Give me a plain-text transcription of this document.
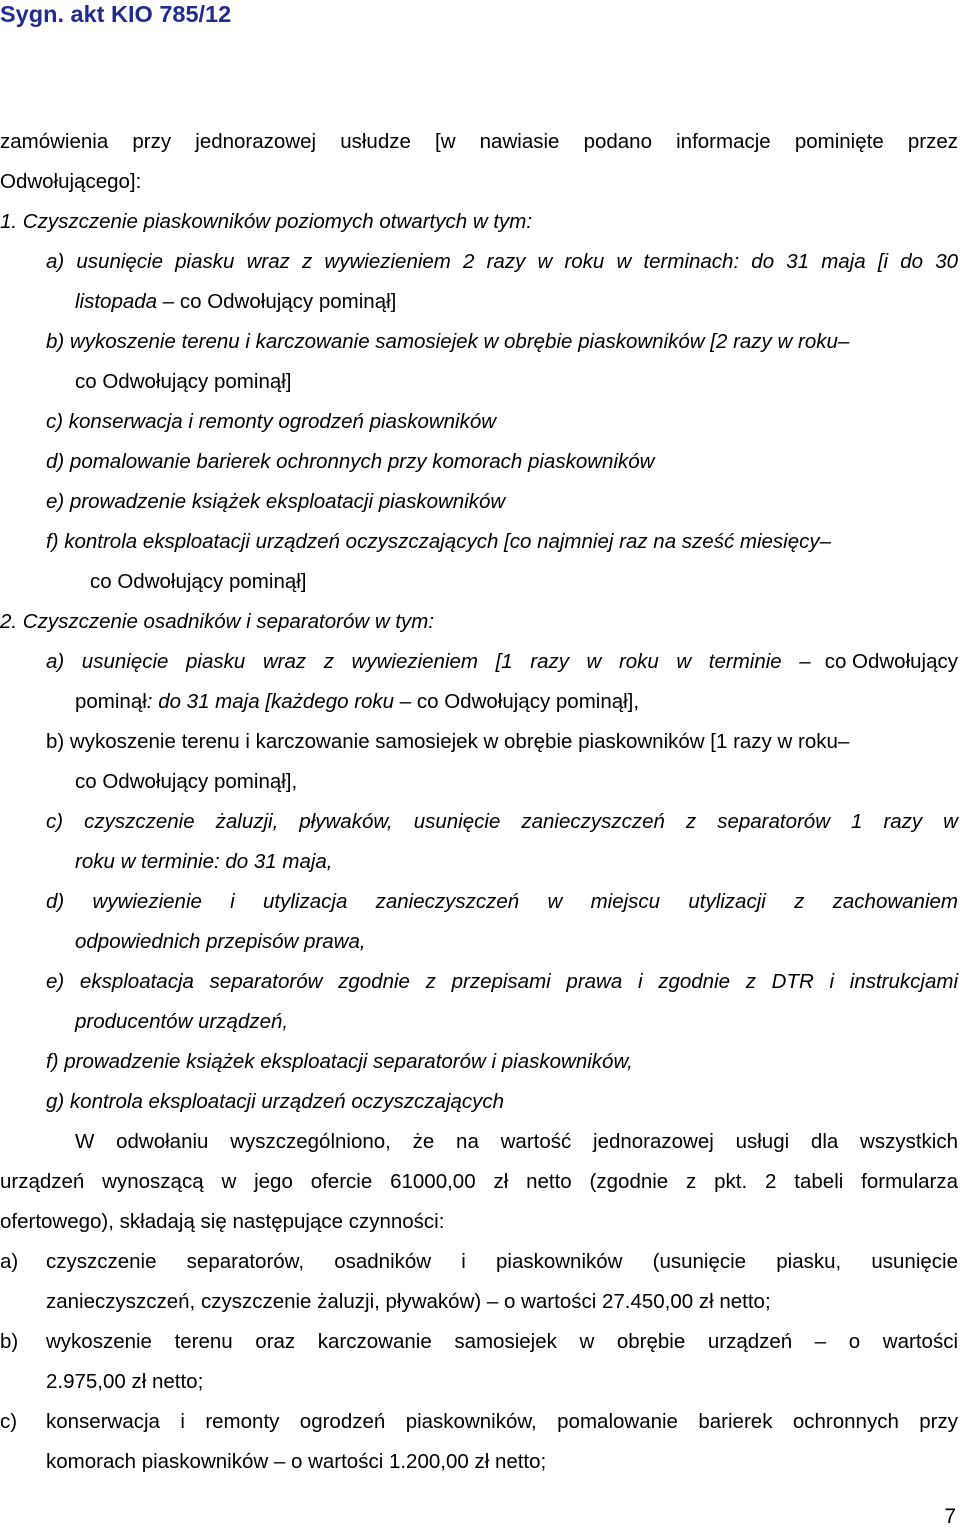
Sygn. akt KIO 785/12
zamówienia przy jednorazowej usłudze [w nawiasie podano informacje pominięte przez
Odwołującego]:
1. Czyszczenie piaskowników poziomych otwartych w tym:
a) usunięcie piasku wraz z wywiezieniem 2 razy w roku w terminach: do 31 maja [i do 30
listopada – co Odwołujący pominął]
b) wykoszenie terenu i karczowanie samosiejek w obrębie piaskowników [2 razy w roku–
co Odwołujący pominął]
c) konserwacja i remonty ogrodzeń piaskowników
d) pomalowanie barierek ochronnych przy komorach piaskowników
e) prowadzenie książek eksploatacji piaskowników
f) kontrola eksploatacji urządzeń oczyszczających [co najmniej raz na sześć miesięcy–
co Odwołujący pominął]
2. Czyszczenie osadników i separatorów w tym:
a) usunięcie piasku wraz z wywiezieniem [1 razy w roku w terminie – co Odwołujący
pominął: do 31 maja [każdego roku – co Odwołujący pominął],
b) wykoszenie terenu i karczowanie samosiejek w obrębie piaskowników [1 razy w roku–
co Odwołujący pominął],
c) czyszczenie żaluzji, pływaków, usunięcie zanieczyszczeń z separatorów 1 razy w
roku w terminie: do 31 maja,
d) wywiezienie i utylizacja zanieczyszczeń w miejscu utylizacji z zachowaniem
odpowiednich przepisów prawa,
e) eksploatacja separatorów zgodnie z przepisami prawa i zgodnie z DTR i instrukcjami
producentów urządzeń,
f) prowadzenie książek eksploatacji separatorów i piaskowników,
g) kontrola eksploatacji urządzeń oczyszczających
W odwołaniu wyszczególniono, że na wartość jednorazowej usługi dla wszystkich
urządzeń wynoszącą w jego ofercie 61000,00 zł netto (zgodnie z pkt. 2 tabeli formularza
ofertowego), składają się następujące czynności:
a) czyszczenie separatorów, osadników i piaskowników (usunięcie piasku, usunięcie
zanieczyszczeń, czyszczenie żaluzji, pływaków) – o wartości 27.450,00 zł netto;
b) wykoszenie terenu oraz karczowanie samosiejek w obrębie urządzeń – o wartości
2.975,00 zł netto;
c) konserwacja i remonty ogrodzeń piaskowników, pomalowanie barierek ochronnych przy
komorach piaskowników – o wartości 1.200,00 zł netto;
7
